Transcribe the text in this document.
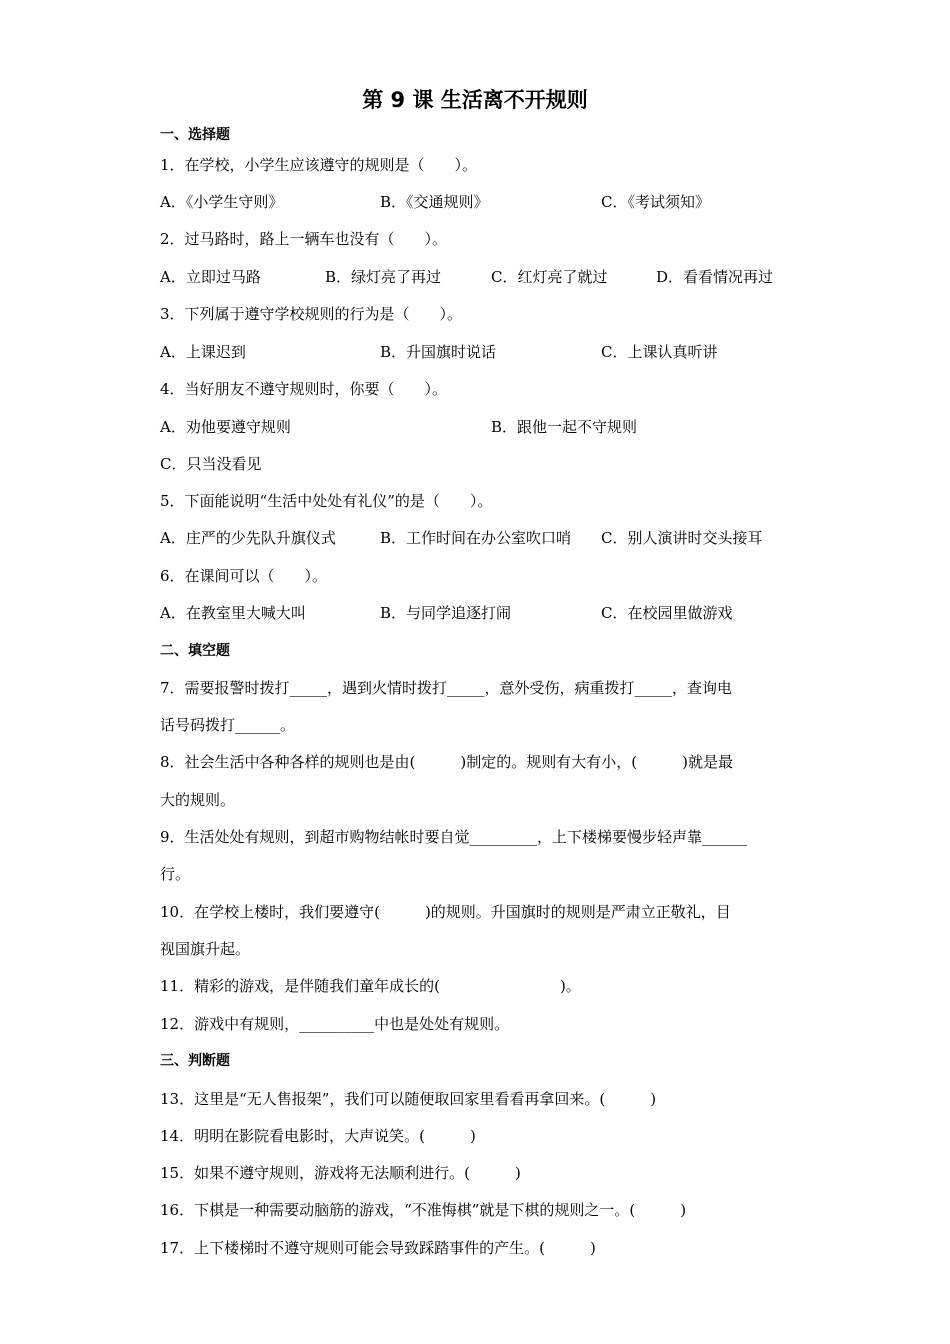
第 9 课 生活离不开规则
一、选择题
1．在学校，小学生应该遵守的规则是（　　）。
A．《小学生守则》	B．《交通规则》	C．《考试须知》
2．过马路时，路上一辆车也没有（　　）。
A．立即过马路	B．绿灯亮了再过	C．红灯亮了就过	D．看看情况再过
3．下列属于遵守学校规则的行为是（　　）。
A．上课迟到	B．升国旗时说话	C．上课认真听讲
4．当好朋友不遵守规则时，你要（　　）。
A．劝他要遵守规则	B．跟他一起不守规则
C．只当没看见
5．下面能说明“生活中处处有礼仪”的是（　　）。
A．庄严的少先队升旗仪式	B．工作时间在办公室吹口哨 C．别人演讲时交头接耳
6．在课间可以（　　）。
A．在教室里大喊大叫	B．与同学追逐打闹	C．在校园里做游戏
二、填空题
7．需要报警时拨打_____，遇到火情时拨打_____，意外受伤，病重拨打_____，查询电
话号码拨打______。
8．社会生活中各种各样的规则也是由(　　　)制定的。规则有大有小，(　　　)就是最
大的规则。
9．生活处处有规则，到超市购物结帐时要自觉_________，上下楼梯要慢步轻声靠______
行。
10．在学校上楼时，我们要遵守(　　　)的规则。升国旗时的规则是严肃立正敬礼，目
视国旗升起。
11．精彩的游戏，是伴随我们童年成长的(　　　　　　　　)。
12．游戏中有规则，__________中也是处处有规则。
三、判断题
13．这里是“无人售报架”，我们可以随便取回家里看看再拿回来。(　　　)
14．明明在影院看电影时，大声说笑。(　　　)
15．如果不遵守规则，游戏将无法顺利进行。(　　　)
16．下棋是一种需要动脑筋的游戏，“不准悔棋”就是下棋的规则之一。(　　　)
17．上下楼梯时不遵守规则可能会导致踩踏事件的产生。(　　　)
